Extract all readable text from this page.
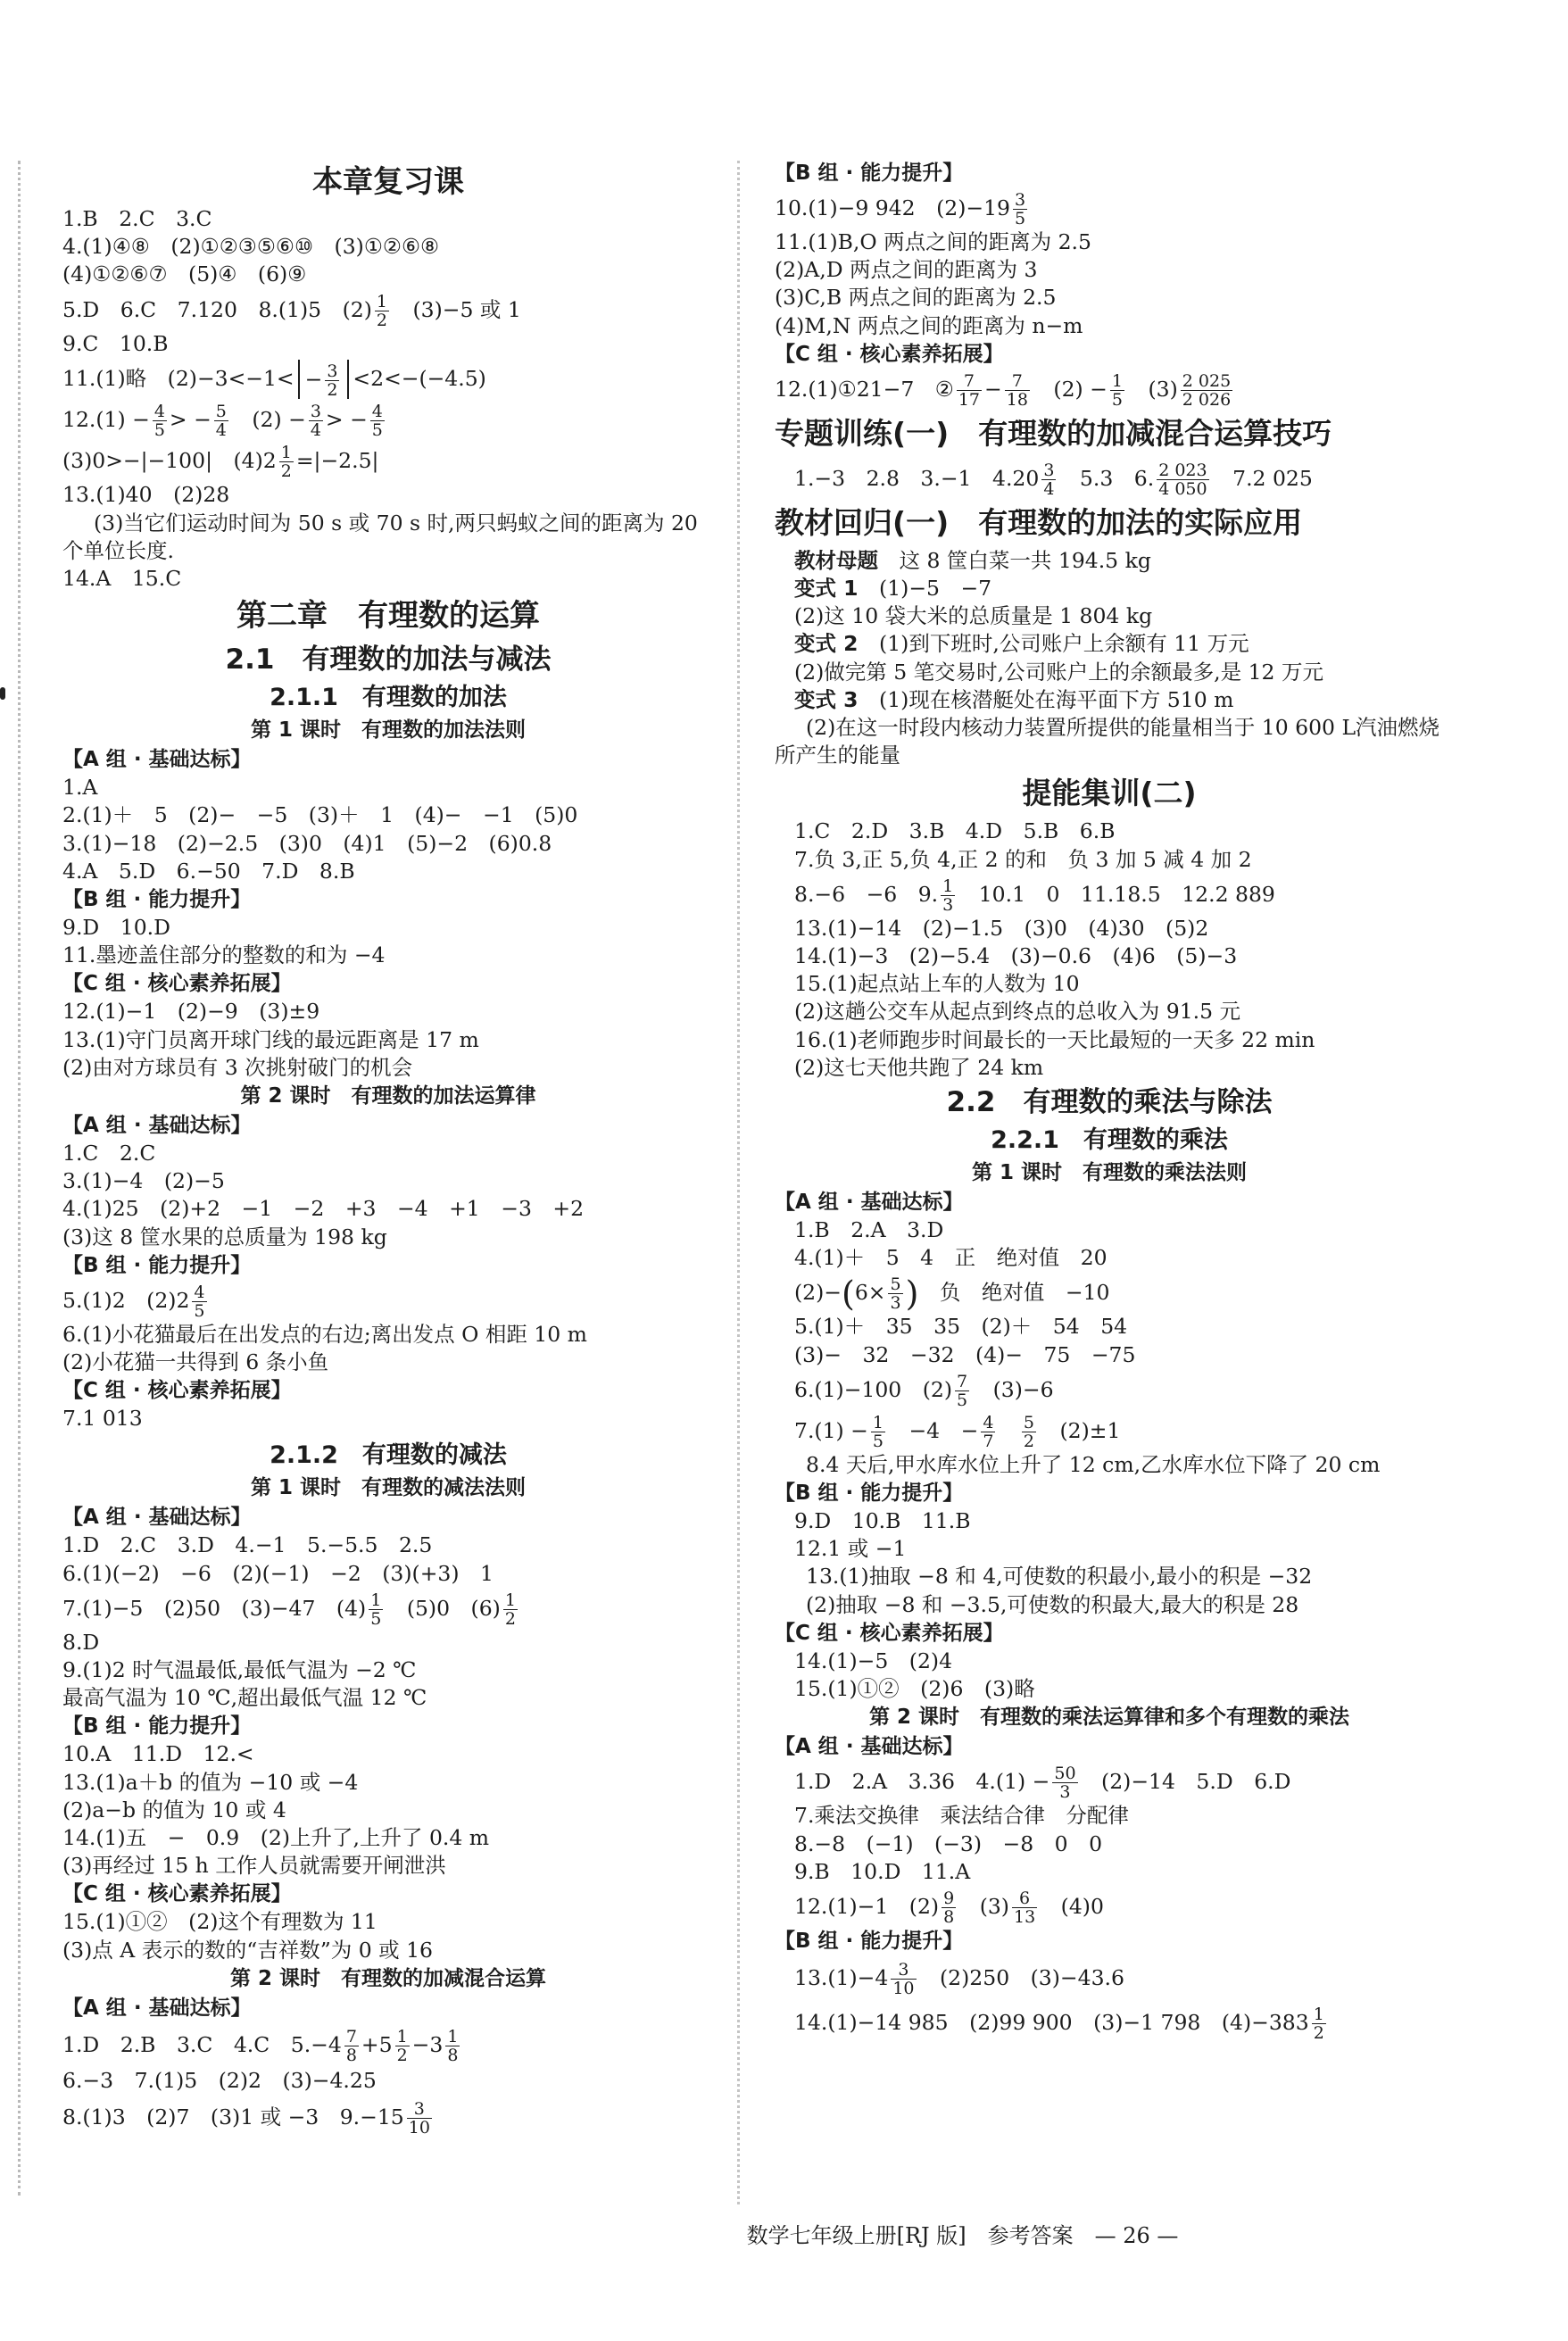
本章复习课
1.B　2.C　3.C
4.(1)④⑧　(2)①②③⑤⑥⑩　(3)①②⑥⑧
(4)①②⑥⑦　(5)④　(6)⑨
5.D　6.C　7.120　8.(1)5　$(2) \frac{1}{2}$
　 (3)−5 或 1
9.C　10.B
11.(1)略　$(2)-3<-1< - \frac{3}{2} <2<-(-4.5)$
$12.(1) - \frac{4}{5}$ > − $\frac{5}{4}$
　 $(2) - \frac{3}{4}$ > − $\frac{4}{5}$
(3)0>−|−100|　$(4)2 \frac{1}{2} =|-2.5|$
13.(1)40　(2)28
(3)当它们运动时间为 50 s 或 70 s 时,两只蚂蚁之间的距离为 20 个单位长度.
14.A　15.C
第二章　有理数的运算
2.1　有理数的加法与减法
2.1.1　有理数的加法
第 1 课时　有理数的加法法则
【A 组 · 基础达标】
1.A
2.(1)＋　5　(2)−　−5　(3)＋　1　(4)−　−1　(5)0
3.(1)−18　(2)−2.5　(3)0　(4)1　(5)−2　(6)0.8
4.A　5.D　6.−50　7.D　8.B
【B 组 · 能力提升】
9.D　10.D
11.墨迹盖住部分的整数的和为 −4
【C 组 · 核心素养拓展】
12.(1)−1　(2)−9　(3)±9
13.(1)守门员离开球门线的最远距离是 17 m
(2)由对方球员有 3 次挑射破门的机会
第 2 课时　有理数的加法运算律
【A 组 · 基础达标】
1.C　2.C
3.(1)−4　(2)−5
4.(1)25　(2)+2　−1　−2　+3　−4　+1　−3　+2
(3)这 8 筐水果的总质量为 198 kg
【B 组 · 能力提升】
5.(1)2　$(2)2 \frac{4}{5}$
6.(1)小花猫最后在出发点的右边;离出发点 O 相距 10 m
(2)小花猫一共得到 6 条小鱼
【C 组 · 核心素养拓展】
7.1 013
2.1.2　有理数的减法
第 1 课时　有理数的减法法则
【A 组 · 基础达标】
1.D　2.C　3.D　4.−1　5.−5.5　2.5
6.(1)(−2)　−6　(2)(−1)　−2　(3)(+3)　1
7.(1)−5　(2)50　(3)−47　$(4) \frac{1}{5}$
　 (5)0　$(6) \frac{1}{2}$
8.D
9.(1)2 时气温最低,最低气温为 −2 ℃
最高气温为 10 ℃,超出最低气温 12 ℃
【B 组 · 能力提升】
10.A　11.D　12.<
13.(1)a＋b 的值为 −10 或 −4
(2)a−b 的值为 10 或 4
14.(1)五　−　0.9　(2)上升了,上升了 0.4 m
(3)再经过 15 h 工作人员就需要开闸泄洪
【C 组 · 核心素养拓展】
15.(1)①②　(2)这个有理数为 11
(3)点 A 表示的数的“吉祥数”为 0 或 16
第 2 课时　有理数的加减混合运算
【A 组 · 基础达标】
1.D　2.B　3.C　4.C　$5.-4 \frac{7}{8} +5 \frac{1}{2} -3 \frac{1}{8}$
6.−3　7.(1)5　(2)2　(3)−4.25
8.(1)3　(2)7　(3)1 或 −3　$9.-15 \frac{3}{10}$
【B 组 · 能力提升】
10.(1)−9 942　$(2)-19 \frac{3}{5}$
11.(1)B,O 两点之间的距离为 2.5
(2)A,D 两点之间的距离为 3
(3)C,B 两点之间的距离为 2.5
(4)M,N 两点之间的距离为 n−m
【C 组 · 核心素养拓展】
12.(1)①21−7　② $\frac{7}{17} - \frac{7}{18}$
　 $(2) - \frac{1}{5}$
　 $(3) \frac{2 025}{2 026}$
专题训练(一)　有理数的加减混合运算技巧
1.−3　2.8　3.−1　$4.20 \frac{3}{4}$
　 5.3　6. $\frac{2 023}{4 050}$
　 7.2 025
教材回归(一)　有理数的加法的实际应用
教材母题　这 8 筐白菜一共 194.5 kg
变式 1　(1)−5　−7
(2)这 10 袋大米的总质量是 1 804 kg
变式 2　(1)到下班时,公司账户上余额有 11 万元
(2)做完第 5 笔交易时,公司账户上的余额最多,是 12 万元
变式 3　(1)现在核潜艇处在海平面下方 510 m
(2)在这一时段内核动力装置所提供的能量相当于 10 600 L汽油燃烧所产生的能量
提能集训(二)
1.C　2.D　3.B　4.D　5.B　6.B
7.负 3,正 5,负 4,正 2 的和　负 3 加 5 减 4 加 2
8.−6　−6　9. $\frac{1}{3}$
　 10.1　0　11.18.5　12.2 889
13.(1)−14　(2)−1.5　(3)0　(4)30　(5)2
14.(1)−3　(2)−5.4　(3)−0.6　(4)6　(5)−3
15.(1)起点站上车的人数为 10
(2)这趟公交车从起点到终点的总收入为 91.5 元
16.(1)老师跑步时间最长的一天比最短的一天多 22 min
(2)这七天他共跑了 24 km
2.2　有理数的乘法与除法
2.2.1　有理数的乘法
第 1 课时　有理数的乘法法则
【A 组 · 基础达标】
1.B　2.A　3.D
4.(1)＋　5　4　正　绝对值　20
$(2)-(6\times \frac{5}{3}$ )　 负　绝对值　−10
5.(1)＋　35　35　(2)＋　54　54
(3)−　32　−32　(4)−　75　−75
6.(1)−100　$(2) \frac{7}{5}$
　 (3)−6
$7.(1) - \frac{1}{5}$
　 −4　− $\frac{4}{7}$
　 $\frac{5}{2}$
　 (2)±1
8.4 天后,甲水库水位上升了 12 cm,乙水库水位下降了 20 cm
【B 组 · 能力提升】
9.D　10.B　11.B
12.1 或 −1
13.(1)抽取 −8 和 4,可使数的积最小,最小的积是 −32
(2)抽取 −8 和 −3.5,可使数的积最大,最大的积是 28
【C 组 · 核心素养拓展】
14.(1)−5　(2)4
15.(1)①②　(2)6　(3)略
第 2 课时　有理数的乘法运算律和多个有理数的乘法
【A 组 · 基础达标】
1.D　2.A　3.36　$4.(1) - \frac{50}{3}$
　 (2)−14　5.D　6.D
7.乘法交换律　乘法结合律　分配律
8.−8　(−1)　(−3)　−8　0　0
9.B　10.D　11.A
12.(1)−1　$(2) \frac{9}{8}$
　 $(3) \frac{6}{13}$
　 (4)0
【B 组 · 能力提升】
$13.(1)-4 \frac{3}{10}$
　 (2)250　(3)−43.6
14.(1)−14 985　(2)99 900　(3)−1 798　$(4)-383 \frac{1}{2}$
数学七年级上册[RJ 版]　参考答案　 — 26 —
